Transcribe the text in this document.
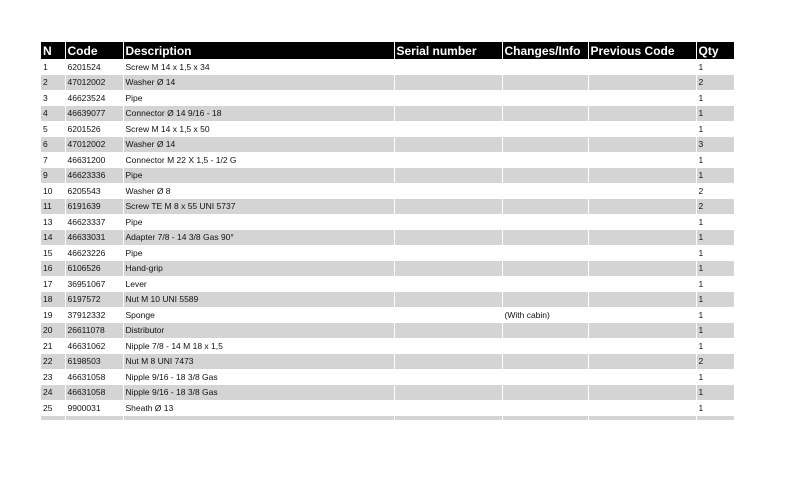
N	Code	Description	Serial number	Changes/Info	Previous Code	Qty
1	6201524	Screw M 14 x 1,5 x 34				1
2	47012002	Washer Ø 14				2
3	46623524	Pipe				1
4	46639077	Connector Ø 14 9/16 - 18				1
5	6201526	Screw M 14 x 1,5 x 50				1
6	47012002	Washer Ø 14				3
7	46631200	Connector M 22 X 1,5 - 1/2 G				1
9	46623336	Pipe				1
10	6205543	Washer Ø 8				2
11	6191639	Screw TE M 8 x 55 UNI 5737				2
13	46623337	Pipe				1
14	46633031	Adapter 7/8 - 14 3/8 Gas 90°				1
15	46623226	Pipe				1
16	6106526	Hand-grip				1
17	36951067	Lever				1
18	6197572	Nut M 10 UNI 5589				1
19	37912332	Sponge		(With cabin)		1
20	26611078	Distributor				1
21	46631062	Nipple 7/8 - 14 M 18 x 1,5				1
22	6198503	Nut M 8 UNI 7473				2
23	46631058	Nipple 9/16 - 18 3/8 Gas				1
24	46631058	Nipple 9/16 - 18 3/8 Gas				1
25	9900031	Sheath Ø 13				1
